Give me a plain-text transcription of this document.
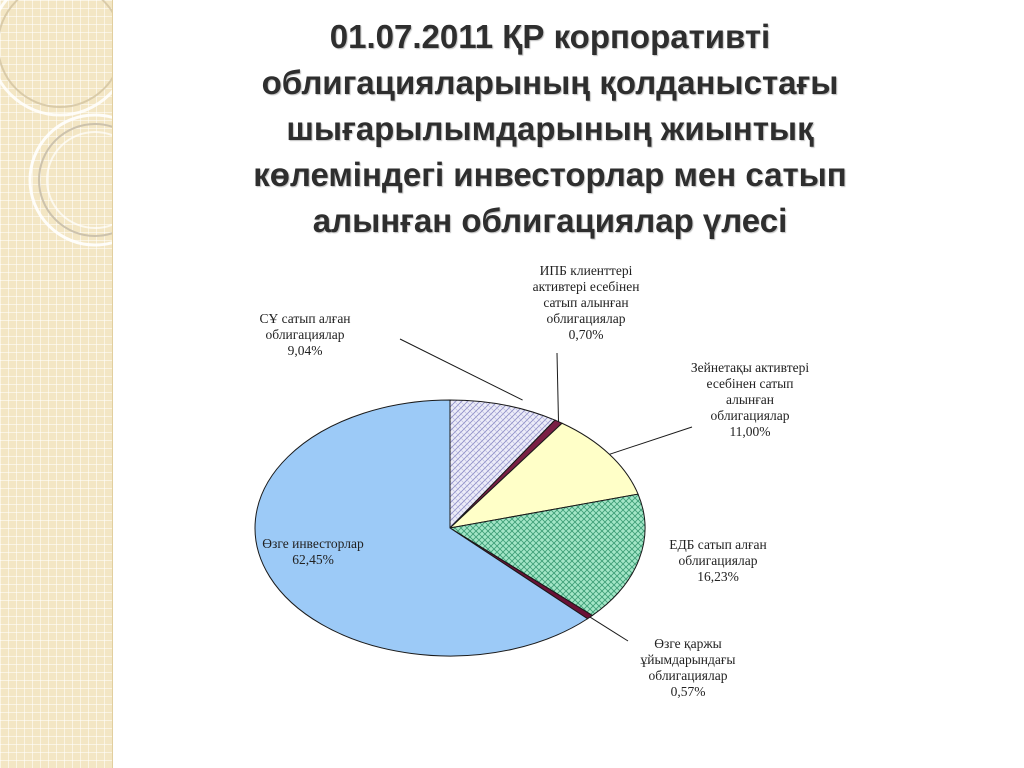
01.07.2011 ҚР корпоративті
облигацияларының қолданыстағы
шығарылымдарының жиынтық
көлеміндегі инвесторлар мен сатып
алынған облигациялар үлесі
СҰ сатып алған облигациялар 9,04%
ИПБ клиенттері активтері есебінен сатып алынған облигациялар 0,70%
Зейнетақы активтері есебінен сатып алынған облигациялар 11,00%
ЕДБ сатып алған облигациялар 16,23%
Өзге қаржы ұйымдарындағы облигациялар 0,57%
Өзге инвесторлар 62,45%
